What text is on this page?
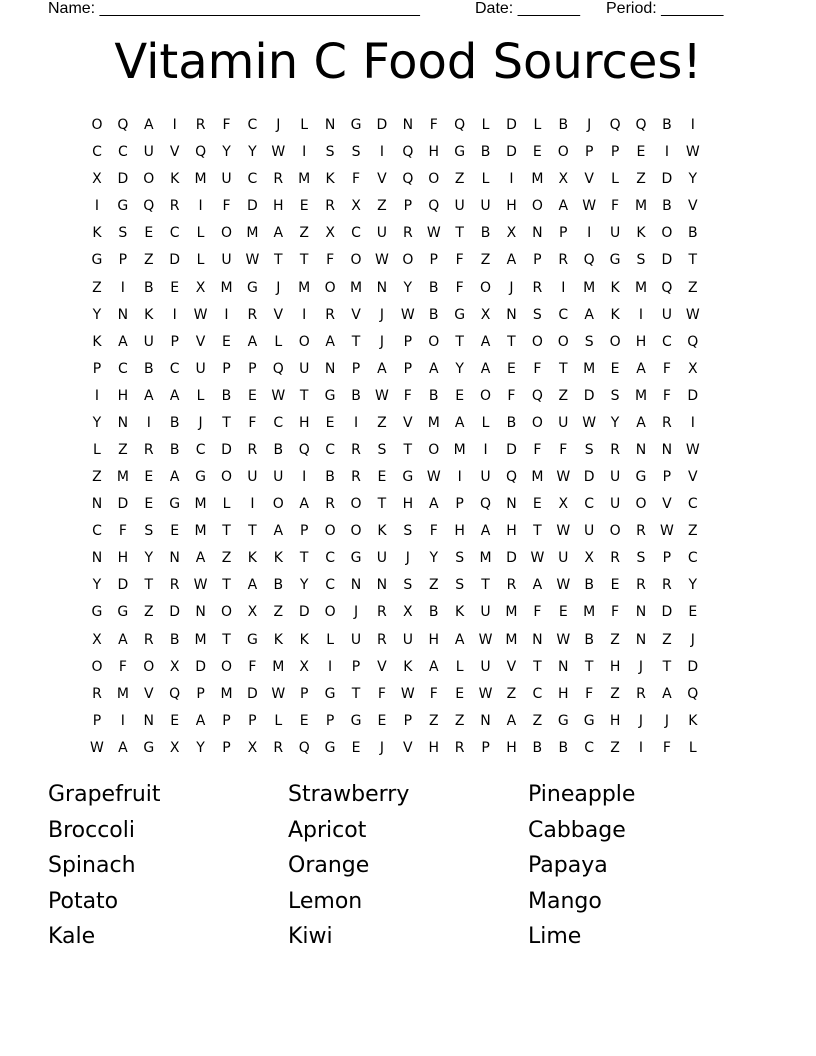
Name: ____________________________________	Date: _______ Period: _______
Vitamin C Food Sources!
O	Q	A	I	R	F	C	J	L	N	G	D	N	F	Q	L	D	L	B	J	Q	Q	B	I
C	C	U	V	Q	Y	Y	W	I	S	S	I	Q	H	G	B	D	E	O	P	P	E	I	W
X	D	O	K	M	U	C	R	M	K	F	V	Q	O	Z	L	I	M	X	V	L	Z	D	Y
I	G	Q	R	I	F	D	H	E	R	X	Z	P	Q	U	U	H	O	A	W	F	M	B	V
K	S	E	C	L	O	M	A	Z	X	C	U	R	W	T	B	X	N	P	I	U	K	O	B
G	P	Z	D	L	U W	T	T	F	O W O	P	F	Z	A	P	R	Q	G	S	D	T
Z	I	B	E	X	M	G	J	M	O	M	N	Y	B	F	O	J	R	I	M	K	M	Q	Z
Y	N	K	I	W	I	R	V	I	R	V	J	W	B	G	X	N	S	C	A	K	I	U W
K	A	U	P	V	E	A	L	O	A	T	J	P	O	T	A	T	O	O	S	O	H	C	Q
P	C	B	C	U	P	P	Q	U	N	P	A	P	A	Y	A	E	F	T	M	E	A	F	X
I	H	A	A	L	B	E	W	T	G	B	W	F	B	E	O	F	Q	Z	D	S	M	F	D
Y	N	I	B	J	T	F	C	H	E	I	Z	V	M	A	L	B	O	U W	Y	A	R	I
L	Z	R	B	C	D	R	B	Q	C	R	S	T	O	M	I	D	F	F	S	R	N	N W
Z	M	E	A	G	O	U	U	I	B	R	E	G W	I	U	Q	M W D	U	G	P	V
N	D	E	G	M	L	I	O	A	R	O	T	H	A	P	Q	N	E	X	C	U	O	V	C
C	F	S	E	M	T	T	A	P	O	O	K	S	F	H	A	H	T	W U	O	R	W	Z
N	H	Y	N	A	Z	K	K	T	C	G	U	J	Y	S	M	D W U	X	R	S	P	C
Y	D	T	R	W	T	A	B	Y	C	N	N	S	Z	S	T	R	A	W	B	E	R	R	Y
G	G	Z	D	N	O	X	Z	D	O	J	R	X	B	K	U	M	F	E	M	F	N	D	E
X	A	R	B	M	T	G	K	K	L	U	R	U	H	A	W M	N W	B	Z	N	Z	J
O	F	O	X	D	O	F	M	X	I	P	V	K	A	L	U	V	T	N	T	H	J	T	D
R	M	V	Q	P	M	D W	P	G	T	F	W	F	E	W	Z	C	H	F	Z	R	A	Q
P	I	N	E	A	P	P	L	E	P	G	E	P	Z	Z	N	A	Z	G	G	H	J	J	K
W	A	G	X	Y	P	X	R	Q	G	E	J	V	H	R	P	H	B	B	C	Z	I	F	L
Grapefruit	Strawberry	Pineapple
Broccoli	Apricot	Cabbage
Spinach	Orange	Papaya
Potato	Lemon	Mango
Kale	Kiwi	Lime
